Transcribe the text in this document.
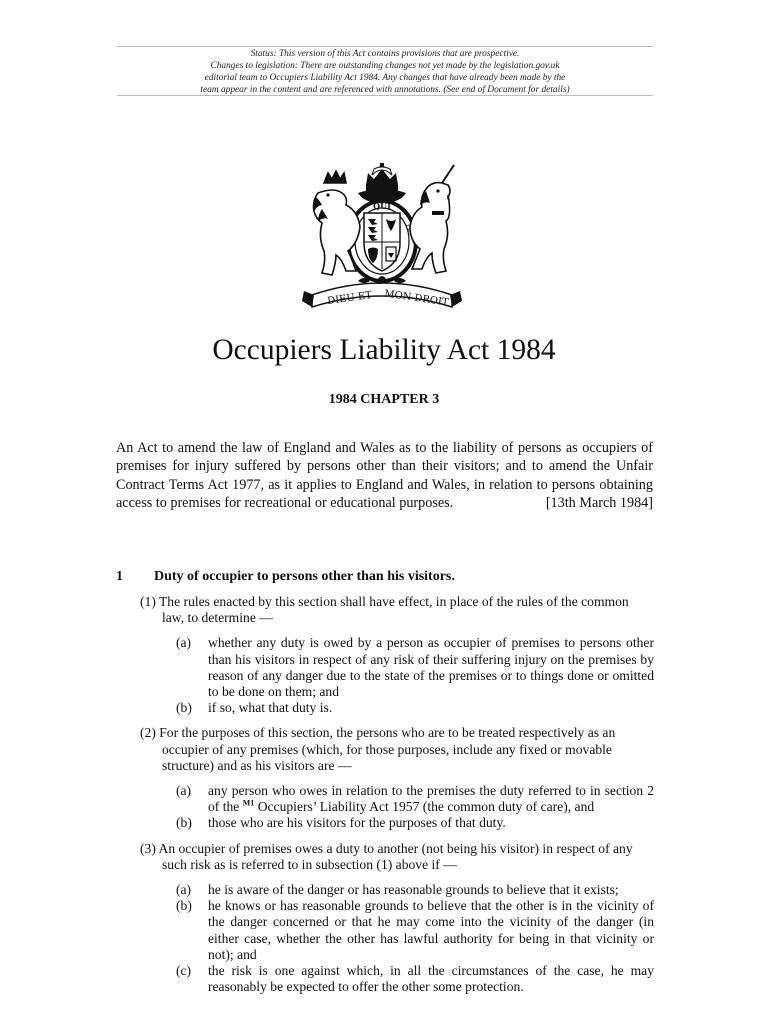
Status: This version of this Act contains provisions that are prospective.
Changes to legislation: There are outstanding changes not yet made by the legislation.gov.uk
editorial team to Occupiers Liability Act 1984. Any changes that have already been made by the
team appear in the content and are referenced with annotations. (See end of Document for details)
QUI
DIEU ET MON DROIT
Occupiers Liability Act 1984
1984 CHAPTER 3
An Act to amend the law of England and Wales as to the liability of persons as occupiers of premises for injury suffered by persons other than their visitors; and to amend the Unfair Contract Terms Act 1977, as it applies to England and Wales, in relation to persons obtaining access to premises for recreational or educational purposes.	[13th March 1984]
1 Duty of occupier to persons other than his visitors.
(1) The rules enacted by this section shall have effect, in place of the rules of the common law, to determine —
(a)	whether any duty is owed by a person as occupier of premises to persons other than his visitors in respect of any risk of their suffering injury on the premises by reason of any danger due to the state of the premises or to things done or omitted to be done on them; and
(b)	if so, what that duty is.
(2) For the purposes of this section, the persons who are to be treated respectively as an occupier of any premises (which, for those purposes, include any fixed or movable structure) and as his visitors are —
(a)	any person who owes in relation to the premises the duty referred to in section 2 of the $^{M1}$ Occupiers’ Liability Act 1957 (the common duty of care), and
(b)	those who are his visitors for the purposes of that duty.
(3) An occupier of premises owes a duty to another (not being his visitor) in respect of any such risk as is referred to in subsection (1) above if —
(a)	he is aware of the danger or has reasonable grounds to believe that it exists;
(b)	he knows or has reasonable grounds to believe that the other is in the vicinity of the danger concerned or that he may come into the vicinity of the danger (in either case, whether the other has lawful authority for being in that vicinity or not); and
(c)	the risk is one against which, in all the circumstances of the case, he may reasonably be expected to offer the other some protection.
